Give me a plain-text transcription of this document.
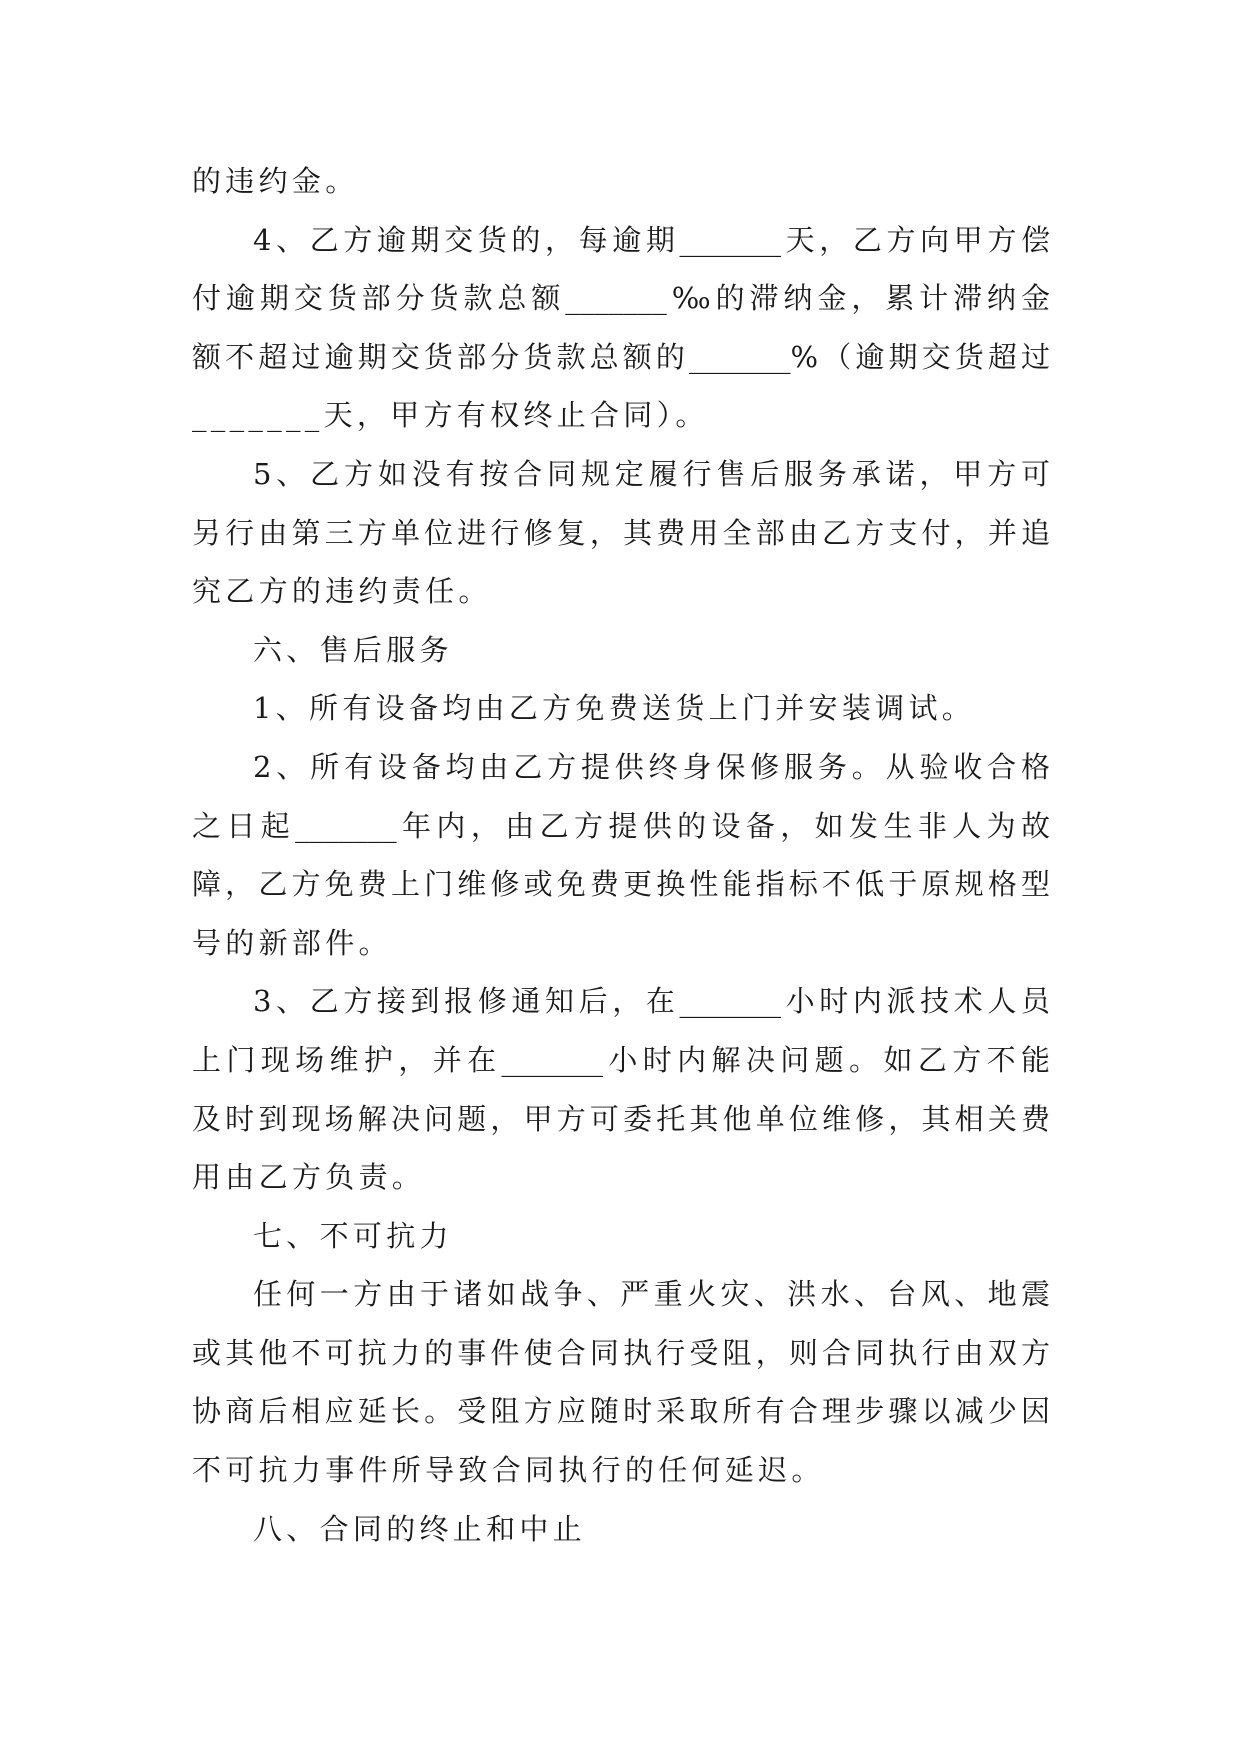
的违约金。
4、乙方逾期交货的，每逾期_______天，乙方向甲方偿
付逾期交货部分货款总额_______‰的滞纳金，累计滞纳金
额不超过逾期交货部分货款总额的_______%（逾期交货超过
_______天，甲方有权终止合同）。
5、乙方如没有按合同规定履行售后服务承诺，甲方可
另行由第三方单位进行修复，其费用全部由乙方支付，并追
究乙方的违约责任。
六、售后服务
1、所有设备均由乙方免费送货上门并安装调试。
2、所有设备均由乙方提供终身保修服务。从验收合格
之日起_______年内，由乙方提供的设备，如发生非人为故
障，乙方免费上门维修或免费更换性能指标不低于原规格型
号的新部件。
3、乙方接到报修通知后，在_______小时内派技术人员
上门现场维护，并在_______小时内解决问题。如乙方不能
及时到现场解决问题，甲方可委托其他单位维修，其相关费
用由乙方负责。
七、不可抗力
任何一方由于诸如战争、严重火灾、洪水、台风、地震
或其他不可抗力的事件使合同执行受阻，则合同执行由双方
协商后相应延长。受阻方应随时采取所有合理步骤以减少因
不可抗力事件所导致合同执行的任何延迟。
八、合同的终止和中止
